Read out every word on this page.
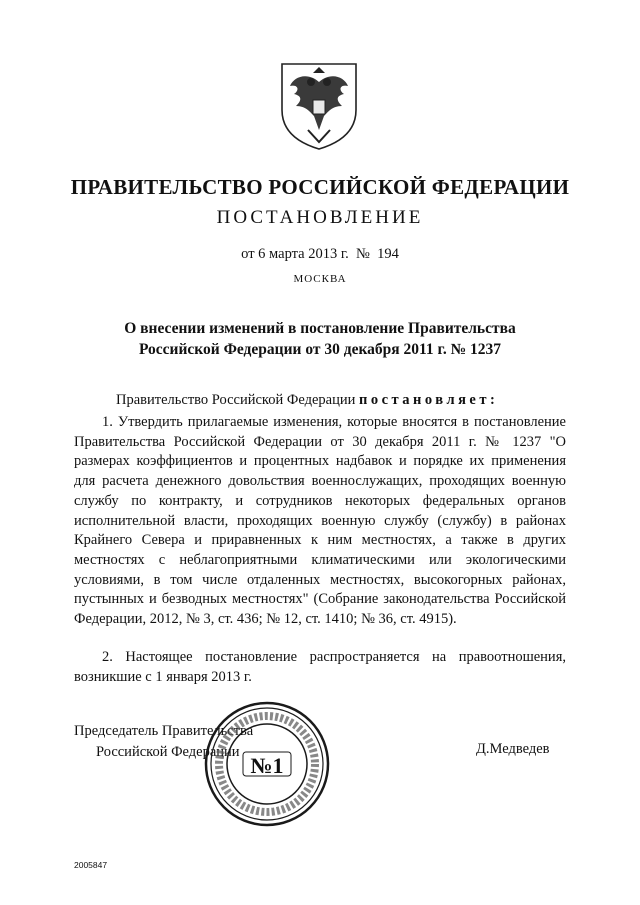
ПРАВИТЕЛЬСТВО РОССИЙСКОЙ ФЕДЕРАЦИИ
ПОСТАНОВЛЕНИЕ
от 6 марта 2013 г.  №  194
МОСКВА
О внесении изменений в постановление Правительства
Российской Федерации от 30 декабря 2011 г. № 1237
Правительство Российской Федерации постановляет:
1. Утвердить прилагаемые изменения, которые вносятся в постановление Правительства Российской Федерации от 30 декабря 2011 г. № 1237 "О размерах коэффициентов и процентных надбавок и порядке их применения для расчета денежного довольствия военнослужащих, проходящих военную службу по контракту, и сотрудников некоторых федеральных органов исполнительной власти, проходящих военную службу (службу) в районах Крайнего Севера и приравненных к ним местностях, а также в других местностях с неблагоприятными климатическими или экологическими условиями, в том числе отдаленных местностях, высокогорных районах, пустынных и безводных местностях" (Собрание законодательства Российской Федерации, 2012, № 3, ст. 436; № 12, ст. 1410; № 36, ст. 4915).
2. Настоящее постановление распространяется на правоотношения, возникшие с 1 января 2013 г.
Председатель Правительства
Российской Федерации
№1
Д.Медведев
2005847
